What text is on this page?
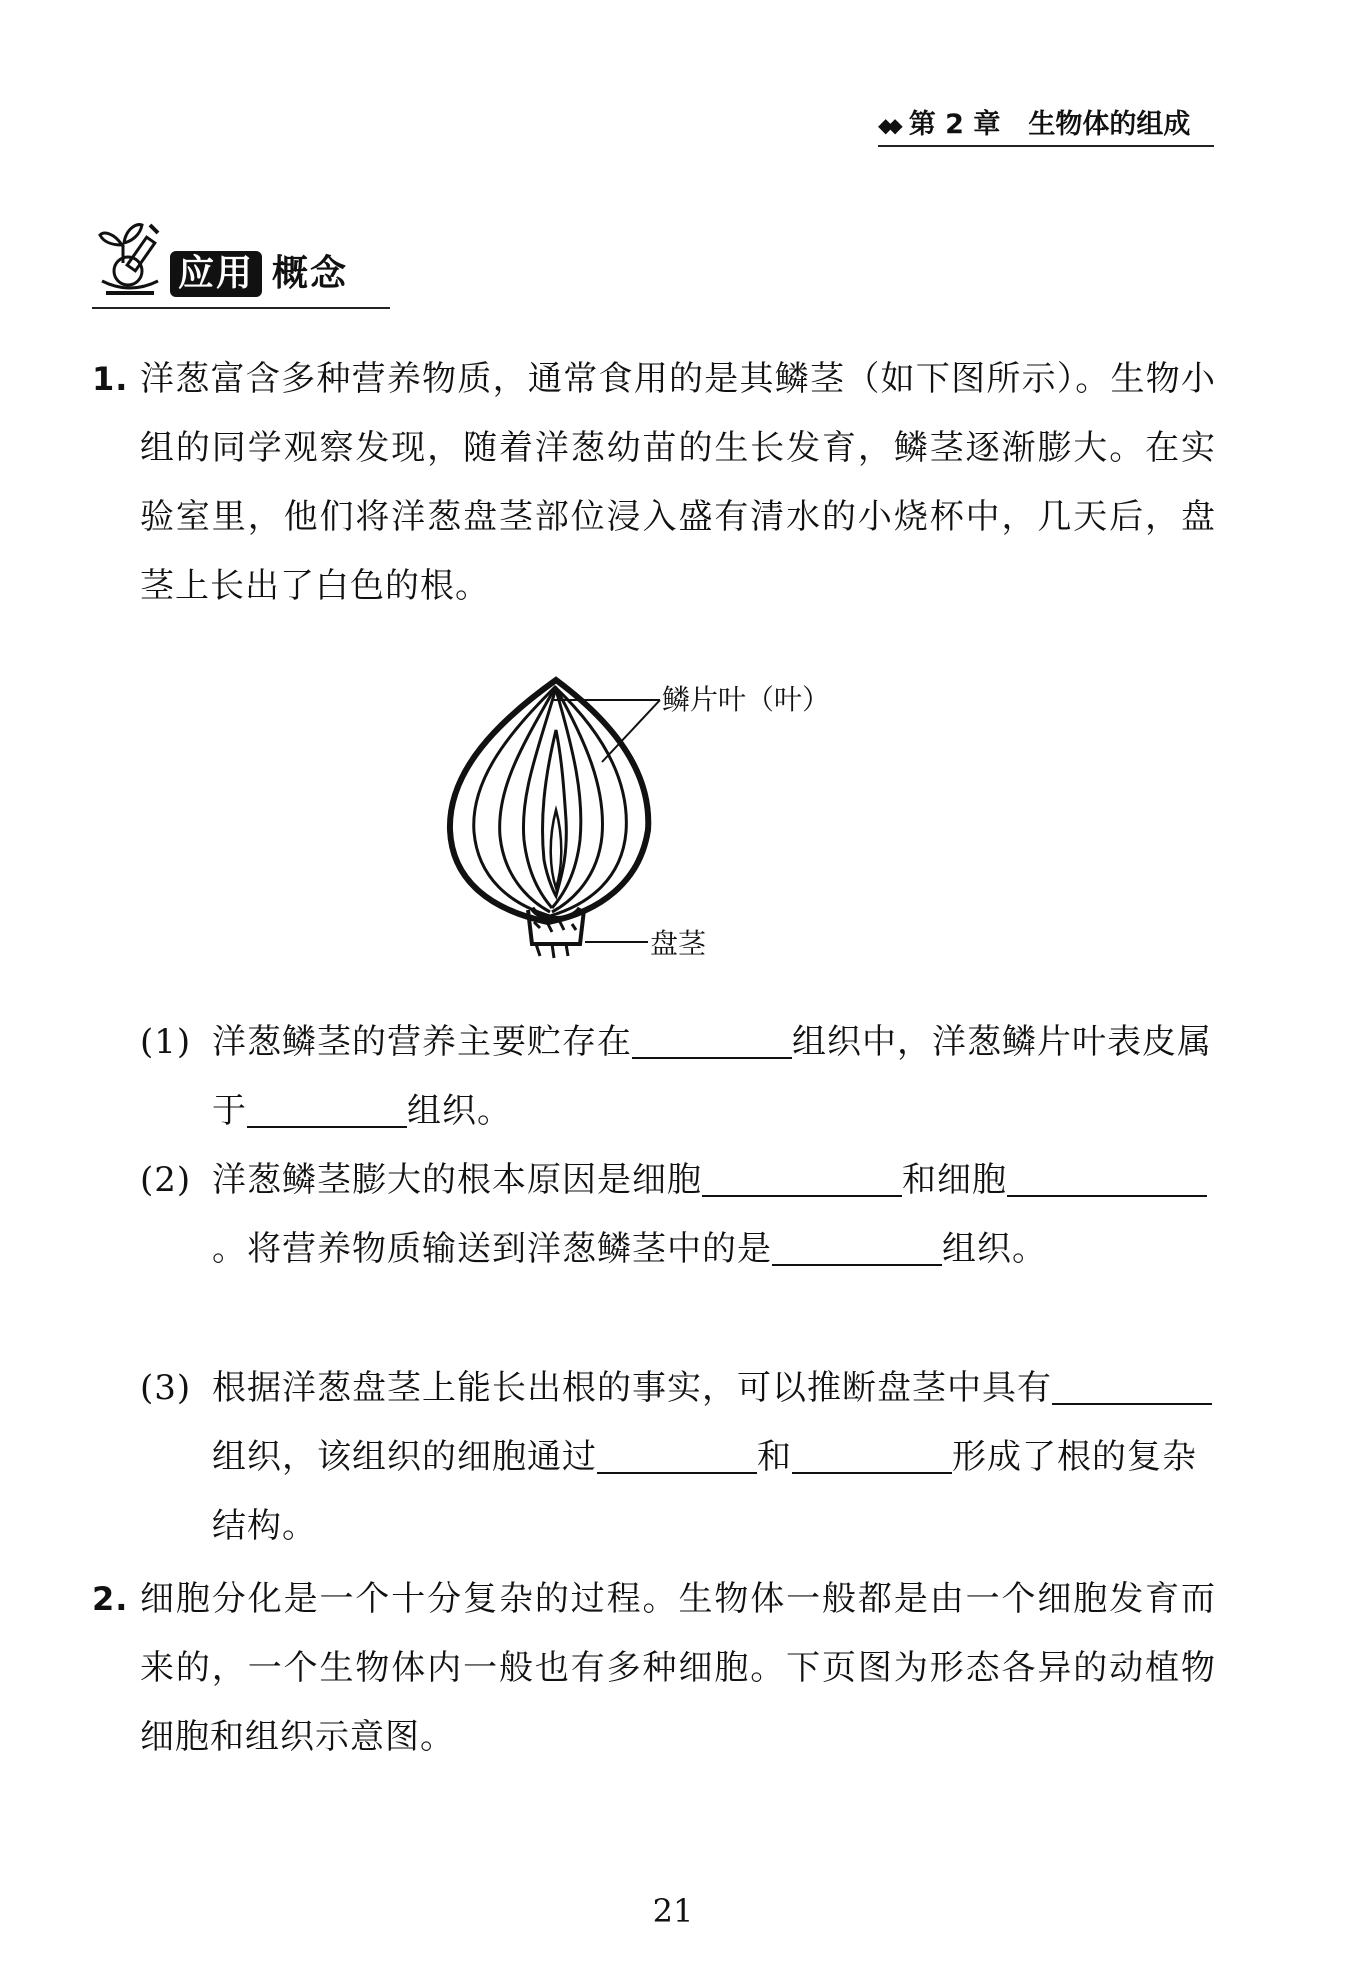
◆◆ 第 2 章 生物体的组成
应用 概念
1. 洋葱富含多种营养物质，通常食用的是其鳞茎（如下图所示）。生物小组的同学观察发现，随着洋葱幼苗的生长发育，鳞茎逐渐膨大。在实验室里，他们将洋葱盘茎部位浸入盛有清水的小烧杯中，几天后，盘茎上长出了白色的根。
鳞片叶（叶）
盘茎
(1) 洋葱鳞茎的营养主要贮存在	组织中，洋葱鳞片叶表皮属于	组织。
(2) 洋葱鳞茎膨大的根本原因是细胞	和细胞。将营养物质输送到洋葱鳞茎中的是	组织。
(3) 根据洋葱盘茎上能长出根的事实，可以推断盘茎中具有组织，该组织的细胞通过	和	形成了根的复杂结构。
2. 细胞分化是一个十分复杂的过程。生物体一般都是由一个细胞发育而来的，一个生物体内一般也有多种细胞。下页图为形态各异的动植物细胞和组织示意图。
21
